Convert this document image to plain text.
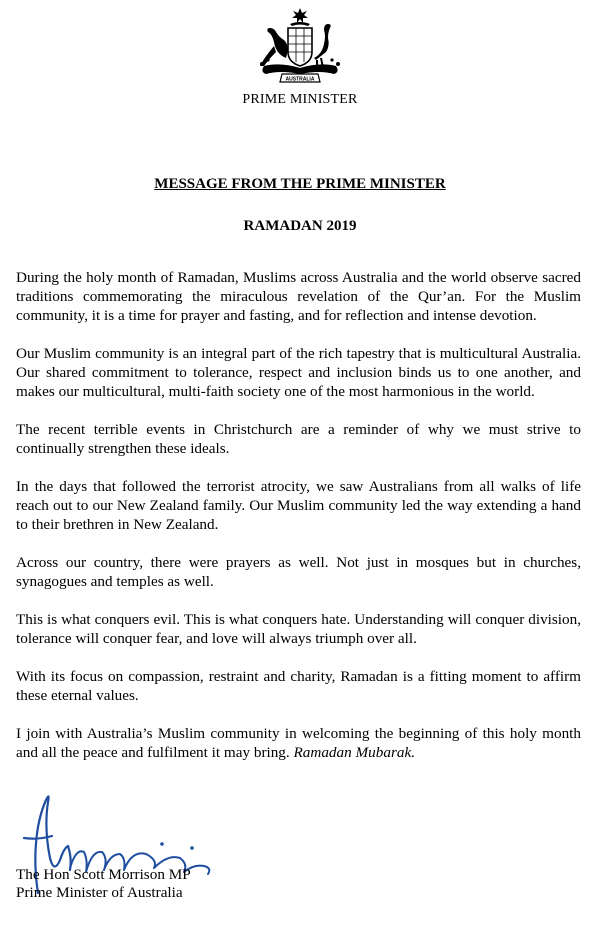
AUSTRALIA
PRIME MINISTER
MESSAGE FROM THE PRIME MINISTER
RAMADAN 2019

During the holy month of Ramadan, Muslims across Australia and the world observe sacred traditions commemorating the miraculous revelation of the Qur’an. For the Muslim community, it is a time for prayer and fasting, and for reflection and intense devotion.

Our Muslim community is an integral part of the rich tapestry that is multicultural Australia. Our shared commitment to tolerance, respect and inclusion binds us to one another, and makes our multicultural, multi-faith society one of the most harmonious in the world.

The recent terrible events in Christchurch are a reminder of why we must strive to continually strengthen these ideals.

In the days that followed the terrorist atrocity, we saw Australians from all walks of life reach out to our New Zealand family. Our Muslim community led the way extending a hand to their brethren in New Zealand.

Across our country, there were prayers as well. Not just in mosques but in churches, synagogues and temples as well.

This is what conquers evil. This is what conquers hate. Understanding will conquer division, tolerance will conquer fear, and love will always triumph over all.

With its focus on compassion, restraint and charity, Ramadan is a fitting moment to affirm these eternal values.

I join with Australia’s Muslim community in welcoming the beginning of this holy month and all the peace and fulfilment it may bring. Ramadan Mubarak.

The Hon Scott Morrison MP
Prime Minister of Australia
